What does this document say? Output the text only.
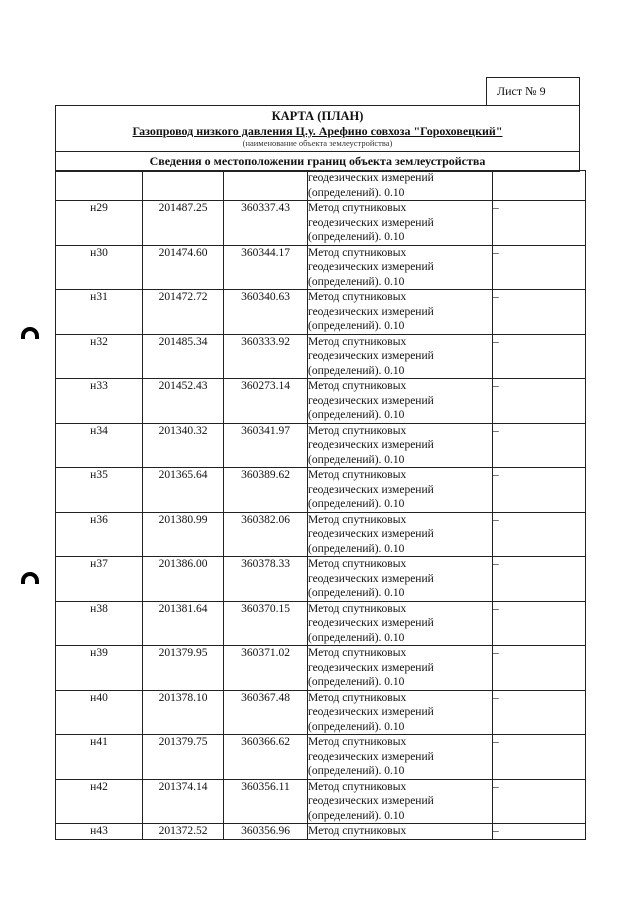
Лист № 9
КАРТА (ПЛАН)
Газопровод низкого давления Ц.у. Арефино совхоза "Гороховецкий"
(наименование объекта землеустройства)
Сведения о местоположении границ объекта землеустройства

			геодезических измерений
(определений). 0.10	

н29	201487.25	360337.43	Метод спутниковых
геодезических измерений
(определений). 0.10	–
н30	201474.60	360344.17	Метод спутниковых
геодезических измерений
(определений). 0.10	–
н31	201472.72	360340.63	Метод спутниковых
геодезических измерений
(определений). 0.10	–
н32	201485.34	360333.92	Метод спутниковых
геодезических измерений
(определений). 0.10	–
н33	201452.43	360273.14	Метод спутниковых
геодезических измерений
(определений). 0.10	–
н34	201340.32	360341.97	Метод спутниковых
геодезических измерений
(определений). 0.10	–
н35	201365.64	360389.62	Метод спутниковых
геодезических измерений
(определений). 0.10	–
н36	201380.99	360382.06	Метод спутниковых
геодезических измерений
(определений). 0.10	–
н37	201386.00	360378.33	Метод спутниковых
геодезических измерений
(определений). 0.10	–
н38	201381.64	360370.15	Метод спутниковых
геодезических измерений
(определений). 0.10	–
н39	201379.95	360371.02	Метод спутниковых
геодезических измерений
(определений). 0.10	–
н40	201378.10	360367.48	Метод спутниковых
геодезических измерений
(определений). 0.10	–
н41	201379.75	360366.62	Метод спутниковых
геодезических измерений
(определений). 0.10	–
н42	201374.14	360356.11	Метод спутниковых
геодезических измерений
(определений). 0.10	–
н43	201372.52	360356.96	Метод спутниковых	–
